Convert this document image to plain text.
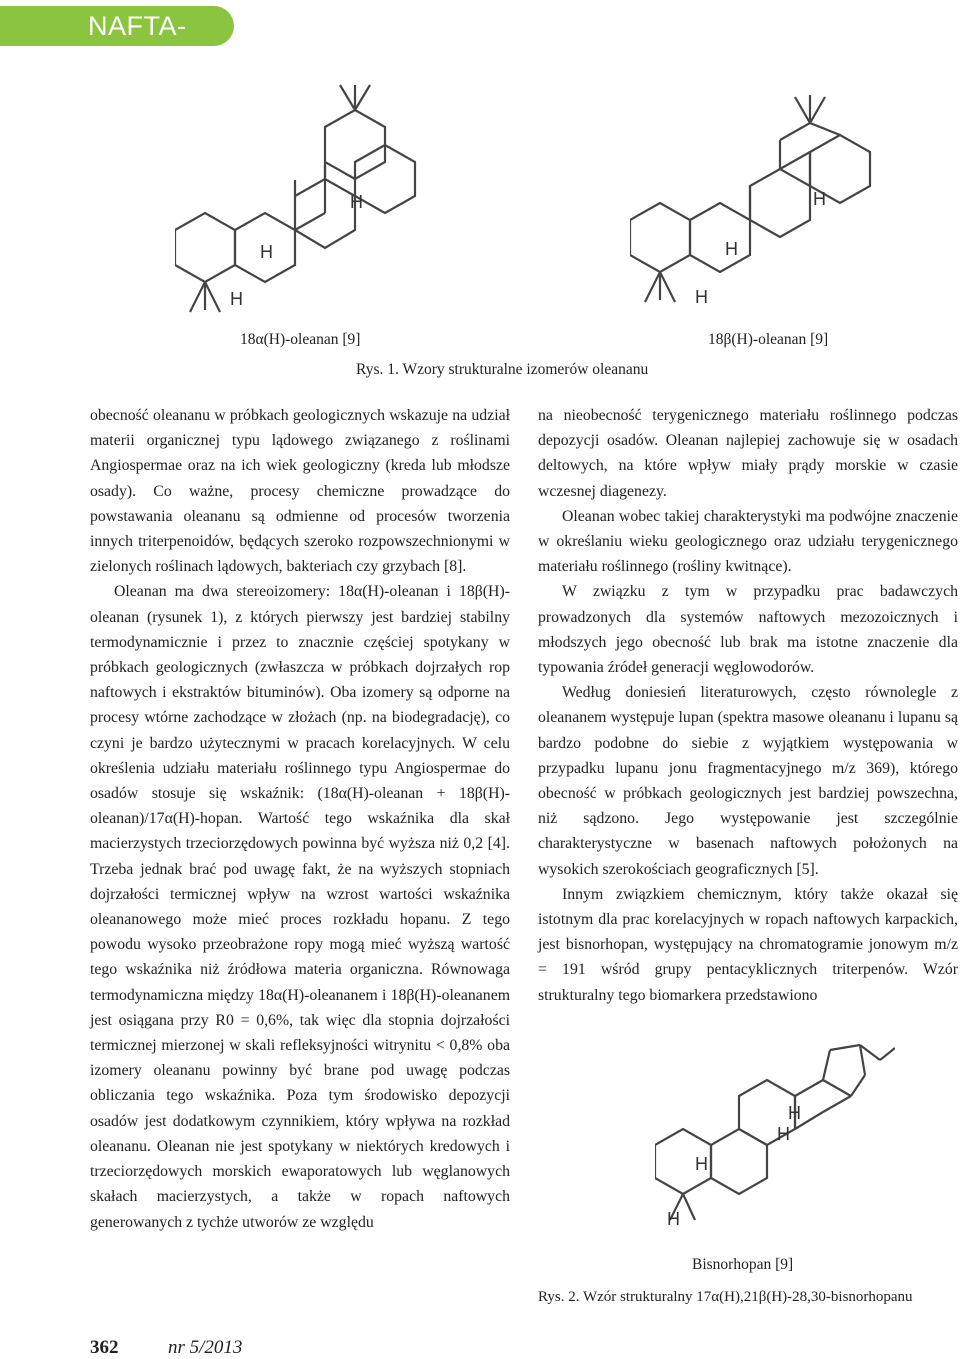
NAFTA-GAZ
H
H
H
H
H
H
18α(H)-oleanan [9]	18β(H)-oleanan [9]
Rys. 1. Wzory strukturalne izomerów oleananu

obecność oleananu w próbkach geologicznych wskazuje na udział materii organicznej typu lądowego związanego z roślinami Angiospermae oraz na ich wiek geologiczny (kreda lub młodsze osady). Co ważne, procesy chemiczne prowadzące do powstawania oleananu są odmienne od procesów tworzenia innych triterpenoidów, będących szeroko rozpowszechnionymi w zielonych roślinach lądowych, bakteriach czy grzybach [8].

Oleanan ma dwa stereoizomery: 18α(H)-oleanan i 18β(H)-oleanan (rysunek 1), z których pierwszy jest bardziej stabilny termodynamicznie i przez to znacznie częściej spotykany w próbkach geologicznych (zwłaszcza w próbkach dojrzałych rop naftowych i ekstraktów bituminów). Oba izomery są odporne na procesy wtórne zachodzące w złożach (np. na biodegradację), co czyni je bardzo użytecznymi w pracach korelacyjnych. W celu określenia udziału materiału roślinnego typu Angiospermae do osadów stosuje się wskaźnik: (18α(H)-oleanan + 18β(H)-oleanan)/17α(H)-hopan. Wartość tego wskaźnika dla skał macierzystych trzeciorzędowych powinna być wyższa niż 0,2 [4]. Trzeba jednak brać pod uwagę fakt, że na wyższych stopniach dojrzałości termicznej wpływ na wzrost wartości wskaźnika oleananowego może mieć proces rozkładu hopanu. Z tego powodu wysoko przeobrażone ropy mogą mieć wyższą wartość tego wskaźnika niż źródłowa materia organiczna. Równowaga termodynamiczna między 18α(H)-oleananem i 18β(H)-oleananem jest osiągana przy R0 = 0,6%, tak więc dla stopnia dojrzałości termicznej mierzonej w skali refleksyjności witrynitu < 0,8% oba izomery oleananu powinny być brane pod uwagę podczas obliczania tego wskaźnika. Poza tym środowisko depozycji osadów jest dodatkowym czynnikiem, który wpływa na rozkład oleananu. Oleanan nie jest spotykany w niektórych kredowych i trzeciorzędowych morskich ewaporatowych lub węglanowych skałach macierzystych, a także w ropach naftowych generowanych z tychże utworów ze względu

na nieobecność terygenicznego materiału roślinnego podczas depozycji osadów. Oleanan najlepiej zachowuje się w osadach deltowych, na które wpływ miały prądy morskie w czasie wczesnej diagenezy.

Oleanan wobec takiej charakterystyki ma podwójne znaczenie w określaniu wieku geologicznego oraz udziału terygenicznego materiału roślinnego (rośliny kwitnące).

W związku z tym w przypadku prac badawczych prowadzonych dla systemów naftowych mezozoicznych i młodszych jego obecność lub brak ma istotne znaczenie dla typowania źródeł generacji węglowodorów.

Według doniesień literaturowych, często równolegle z oleananem występuje lupan (spektra masowe oleananu i lupanu są bardzo podobne do siebie z wyjątkiem występowania w przypadku lupanu jonu fragmentacyjnego m/z 369), którego obecność w próbkach geologicznych jest bardziej powszechna, niż sądzono. Jego występowanie jest szczególnie charakterystyczne w basenach naftowych położonych na wysokich szerokościach geograficznych [5].

Innym związkiem chemicznym, który także okazał się istotnym dla prac korelacyjnych w ropach naftowych karpackich, jest bisnorhopan, występujący na chromatogramie jonowym m/z = 191 wśród grupy pentacyklicznych triterpenów. Wzór strukturalny tego biomarkera przedstawiono

H
H
H
H
Bisnorhopan [9]
Rys. 2. Wzór strukturalny 17α(H),21β(H)-28,30-bisnorhopanu
362	nr 5/2013
